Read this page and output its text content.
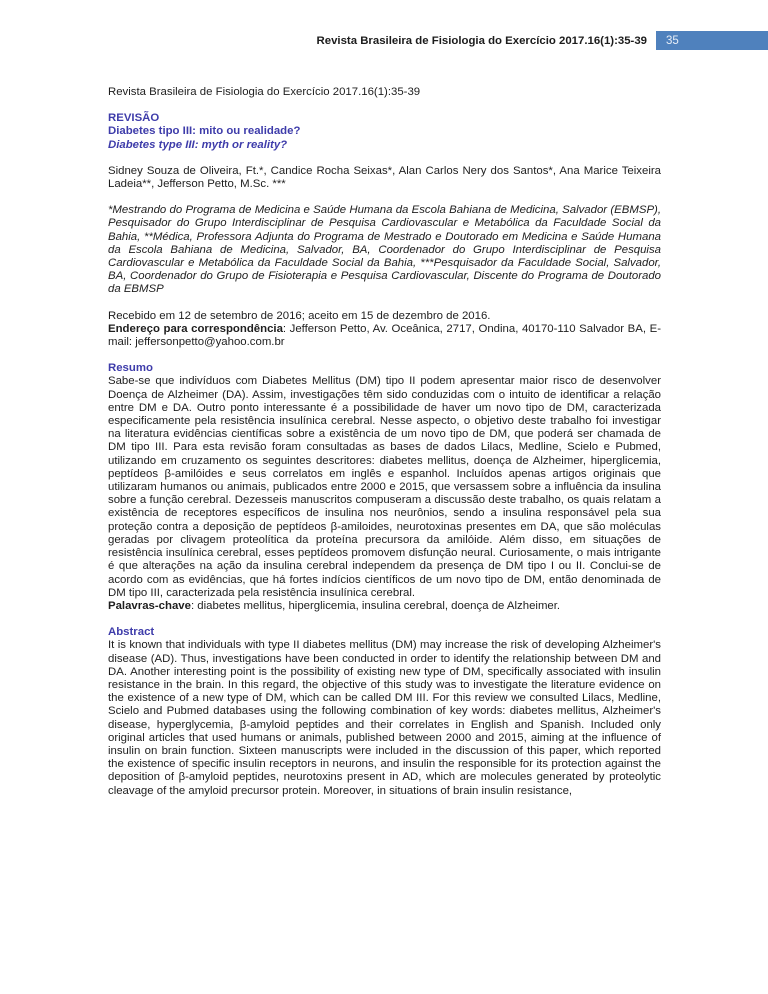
Revista Brasileira de Fisiologia do Exercício 2017.16(1):35-39	35
Revista Brasileira de Fisiologia do Exercício 2017.16(1):35-39
REVISÃO
Diabetes tipo III: mito ou realidade?
Diabetes type III: myth or reality?
Sidney Souza de Oliveira, Ft.*, Candice Rocha Seixas*, Alan Carlos Nery dos Santos*, Ana Marice Teixeira Ladeia**, Jefferson Petto, M.Sc. ***
*Mestrando do Programa de Medicina e Saúde Humana da Escola Bahiana de Medicina, Salvador (EBMSP), Pesquisador do Grupo Interdisciplinar de Pesquisa Cardiovascular e Metabólica da Faculdade Social da Bahia, **Médica, Professora Adjunta do Programa de Mestrado e Doutorado em Medicina e Saúde Humana da Escola Bahiana de Medicina, Salvador, BA, Coordenador do Grupo Interdisciplinar de Pesquisa Cardiovascular e Metabólica da Faculdade Social da Bahia, ***Pesquisador da Faculdade Social, Salvador, BA, Coordenador do Grupo de Fisioterapia e Pesquisa Cardiovascular, Discente do Programa de Doutorado da EBMSP
Recebido em 12 de setembro de 2016; aceito em 15 de dezembro de 2016.
Endereço para correspondência: Jefferson Petto, Av. Oceânica, 2717, Ondina, 40170-110 Salvador BA, E-mail: jeffersonpetto@yahoo.com.br
Resumo
Sabe-se que indivíduos com Diabetes Mellitus (DM) tipo II podem apresentar maior risco de desenvolver Doença de Alzheimer (DA). Assim, investigações têm sido conduzidas com o intuito de identificar a relação entre DM e DA. Outro ponto interessante é a possibilidade de haver um novo tipo de DM, caracterizada especificamente pela resistência insulínica cerebral. Nesse aspecto, o objetivo deste trabalho foi investigar na literatura evidências científicas sobre a existência de um novo tipo de DM, que poderá ser chamada de DM tipo III. Para esta revisão foram consultadas as bases de dados Lilacs, Medline, Scielo e Pubmed, utilizando em cruzamento os seguintes descritores: diabetes mellitus, doença de Alzheimer, hiperglicemia, peptídeos β-amilóides e seus correlatos em inglês e espanhol. Incluídos apenas artigos originais que utilizaram humanos ou animais, publicados entre 2000 e 2015, que versassem sobre a influência da insulina sobre a função cerebral. Dezesseis manuscritos compuseram a discussão deste trabalho, os quais relatam a existência de receptores específicos de insulina nos neurônios, sendo a insulina responsável pela sua proteção contra a deposição de peptídeos β-amiloides, neurotoxinas presentes em DA, que são moléculas geradas por clivagem proteolítica da proteína precursora da amilóide. Além disso, em situações de resistência insulínica cerebral, esses peptídeos promovem disfunção neural. Curiosamente, o mais intrigante é que alterações na ação da insulina cerebral independem da presença de DM tipo I ou II. Conclui-se de acordo com as evidências, que há fortes indícios científicos de um novo tipo de DM, então denominada de DM tipo III, caracterizada pela resistência insulínica cerebral.
Palavras-chave: diabetes mellitus, hiperglicemia, insulina cerebral, doença de Alzheimer.
Abstract
It is known that individuals with type II diabetes mellitus (DM) may increase the risk of developing Alzheimer's disease (AD). Thus, investigations have been conducted in order to identify the relationship between DM and DA. Another interesting point is the possibility of existing new type of DM, specifically associated with insulin resistance in the brain. In this regard, the objective of this study was to investigate the literature evidence on the existence of a new type of DM, which can be called DM III. For this review we consulted Lilacs, Medline, Scielo and Pubmed databases using the following combination of key words: diabetes mellitus, Alzheimer's disease, hyperglycemia, β-amyloid peptides and their correlates in English and Spanish. Included only original articles that used humans or animals, published between 2000 and 2015, aiming at the influence of insulin on brain function. Sixteen manuscripts were included in the discussion of this paper, which reported the existence of specific insulin receptors in neurons, and insulin the responsible for its protection against the deposition of β-amyloid peptides, neurotoxins present in AD, which are molecules generated by proteolytic cleavage of the amyloid precursor protein. Moreover, in situations of brain insulin resistance,
